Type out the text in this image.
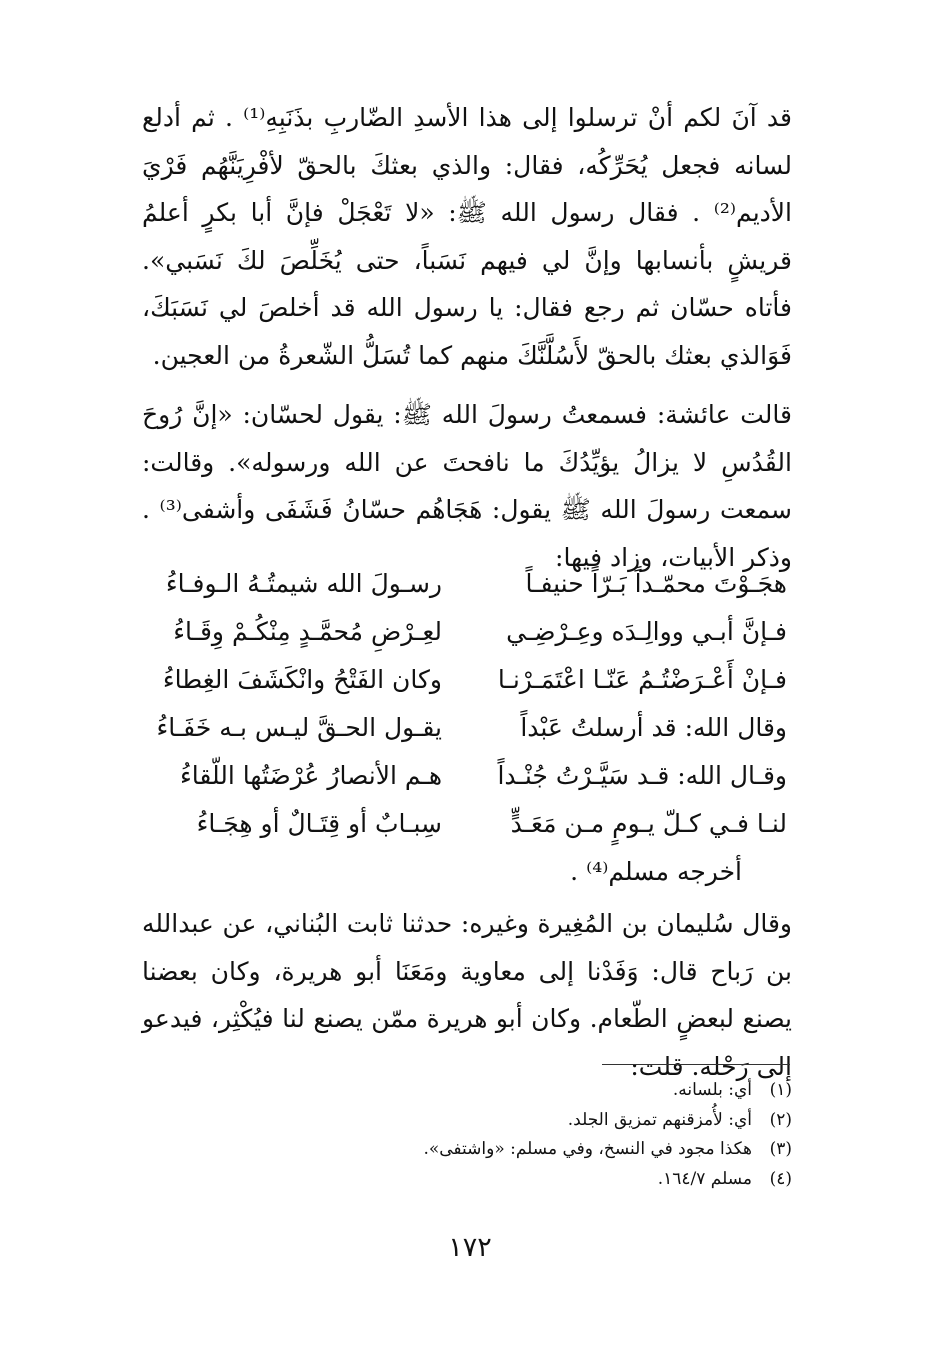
قد آنَ لكم أنْ ترسلوا إلى هذا الأسدِ الضّاربِ بذَنَبِهِ⁽¹⁾ . ثم أدلع لسانه فجعل يُحَرِّكُه، فقال: والذي بعثكَ بالحقّ لأفْرِيَنَّهُم فَرْيَ الأديم⁽²⁾ . فقال رسول الله ﷺ: «لا تَعْجَلْ فإنَّ أبا بكرٍ أعلمُ قريشٍ بأنسابها وإنَّ لي فيهم نَسَباً، حتى يُخَلِّصَ لكَ نَسَبي». فأتاه حسّان ثم رجع فقال: يا رسول الله قد أخلصَ لي نَسَبَكَ، فَوَالذي بعثك بالحقّ لأَسُلَّنَّكَ منهم كما تُسَلُّ الشّعرةُ من العجين.

قالت عائشة: فسمعتُ رسولَ الله ﷺ: يقول لحسّان: «إنَّ رُوحَ القُدُسِ لا يزالُ يؤيِّدُكَ ما نافحتَ عن الله ورسوله». وقالت: سمعت رسولَ الله ﷺ يقول: هَجَاهُم حسّانُ فَشَفَى وأشفى⁽³⁾ . وذكر الأبيات، وزاد فيها:

هجَـوْتَ محمّـداً بَـرّاً حنيفـاً
رسـولَ الله شيمتُـهُ الـوفـاءُ
فـإنَّ أبـي ووالِـدَه وعِـرْضِـي
لعِـرْضِ مُحمَّـدٍ مِنْكُـمْ وِقَـاءُ
فـإنْ أَعْـرَضْتُـمُ عَنّـا اعْتَمَـرْنـا
وكان الفَتْحُ وانْكَشَفَ الغِطاءُ
وقال الله: قد أرسلتُ عَبْداً
يقـول الحـقَّ ليـس بـه خَفَـاءُ
وقـال الله: قـد سَيَّـرْتُ جُنْـداً
هـم الأنصارُ عُرْضَتُها اللّقاءُ
لنـا فـي كـلّ يـومٍ مـن مَعَـدٍّ
سِبـابٌ أو قِتَـالٌ أو هِجَـاءُ
أخرجه مسلم⁽⁴⁾ .

وقال سُليمان بن المُغِيرة وغيره: حدثنا ثابت البُناني، عن عبدالله بن رَباح قال: وَفَدْنا إلى معاوية ومَعَنَا أبو هريرة، وكان بعضنا يصنع لبعضٍ الطّعام. وكان أبو هريرة ممّن يصنع لنا فيُكْثِر، فيدعو إلى رَحْله. قلت:

(١)أي: بلسانه.
(٢)أي: لأُمزقنهم تمزيق الجلد.
(٣)هكذا مجود في النسخ، وفي مسلم: «واشتفى».
(٤)مسلم ١٦٤/٧.
١٧٢
